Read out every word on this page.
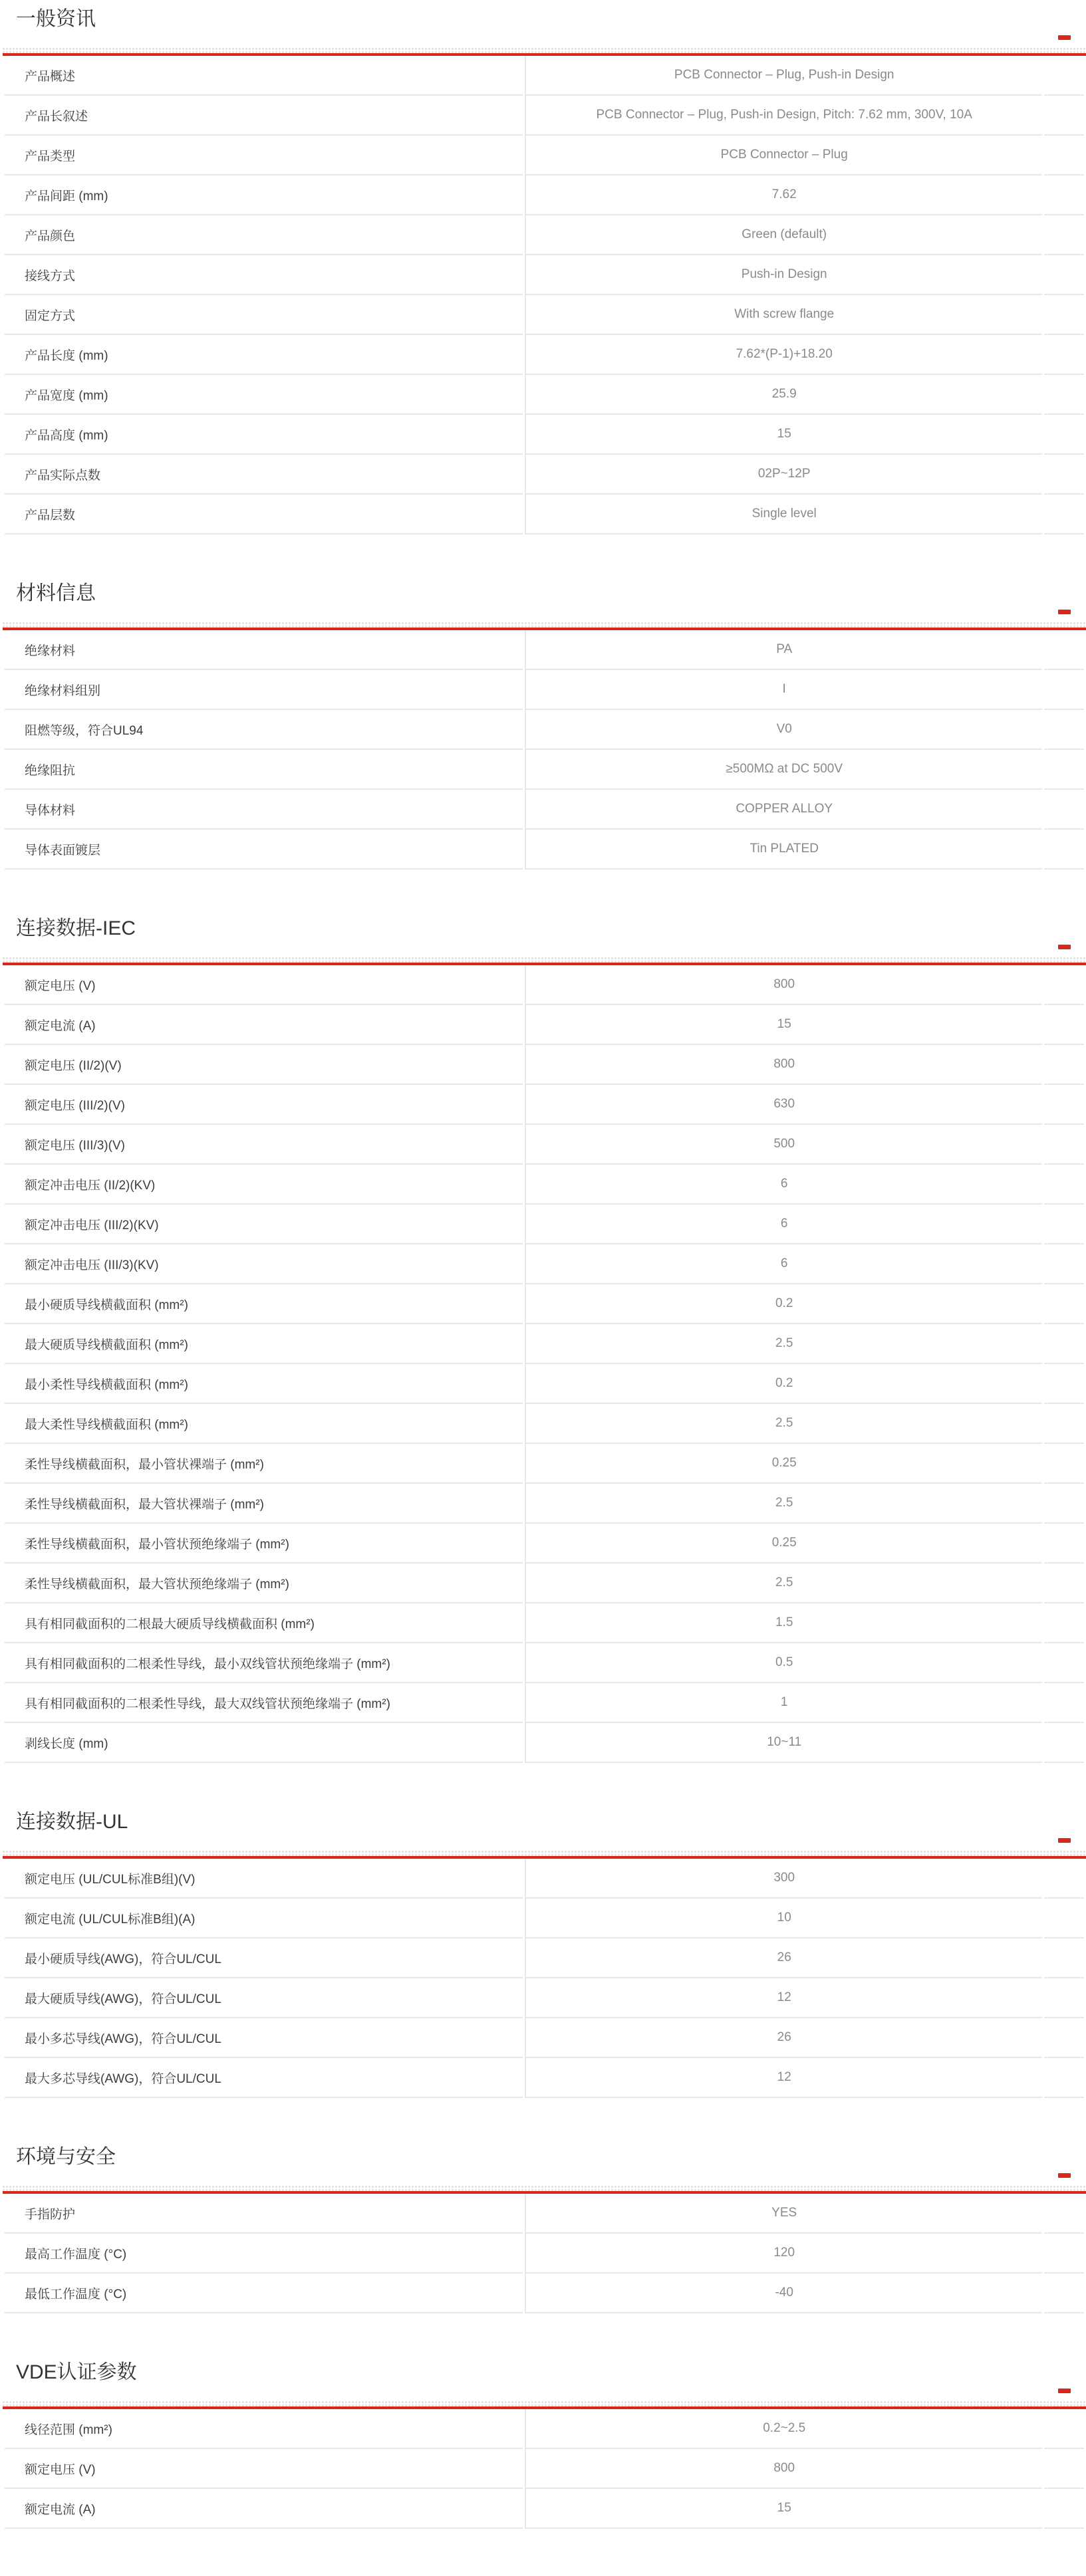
一般资讯
产品概述	PCB Connector – Plug, Push-in Design	
产品长叙述	PCB Connector – Plug, Push-in Design, Pitch: 7.62 mm, 300V, 10A	
产品类型	PCB Connector – Plug	
产品间距 (mm)	7.62	
产品颜色	Green (default)	
接线方式	Push-in Design	
固定方式	With screw flange	
产品长度 (mm)	7.62*(P-1)+18.20	
产品宽度 (mm)	25.9	
产品高度 (mm)	15	
产品实际点数	02P~12P	
产品层数	Single level	
材料信息
绝缘材料	PA	
绝缘材料组别	I	
阻燃等级，符合UL94	V0	
绝缘阻抗	≥500MΩ at DC 500V	
导体材料	COPPER ALLOY	
导体表面镀层	Tin PLATED	
连接数据-IEC
额定电压 (V)	800	
额定电流 (A)	15	
额定电压 (II/2)(V)	800	
额定电压 (III/2)(V)	630	
额定电压 (III/3)(V)	500	
额定冲击电压 (II/2)(KV)	6	
额定冲击电压 (III/2)(KV)	6	
额定冲击电压 (III/3)(KV)	6	
最小硬质导线横截面积 (mm²)	0.2	
最大硬质导线横截面积 (mm²)	2.5	
最小柔性导线横截面积 (mm²)	0.2	
最大柔性导线横截面积 (mm²)	2.5	
柔性导线横截面积，最小管状裸端子 (mm²)	0.25	
柔性导线横截面积，最大管状裸端子 (mm²)	2.5	
柔性导线横截面积，最小管状预绝缘端子 (mm²)	0.25	
柔性导线横截面积，最大管状预绝缘端子 (mm²)	2.5	
具有相同截面积的二根最大硬质导线横截面积 (mm²)	1.5	
具有相同截面积的二根柔性导线，最小双线管状预绝缘端子 (mm²)	0.5	
具有相同截面积的二根柔性导线，最大双线管状预绝缘端子 (mm²)	1	
剥线长度 (mm)	10~11	
连接数据-UL
额定电压 (UL/CUL标准B组)(V)	300	
额定电流 (UL/CUL标准B组)(A)	10	
最小硬质导线(AWG)，符合UL/CUL	26	
最大硬质导线(AWG)，符合UL/CUL	12	
最小多芯导线(AWG)，符合UL/CUL	26	
最大多芯导线(AWG)，符合UL/CUL	12	
环境与安全
手指防护	YES	
最高工作温度 (°C)	120	
最低工作温度 (°C)	-40	
VDE认证参数
线径范围 (mm²)	0.2~2.5	
额定电压 (V)	800	
额定电流 (A)	15	
